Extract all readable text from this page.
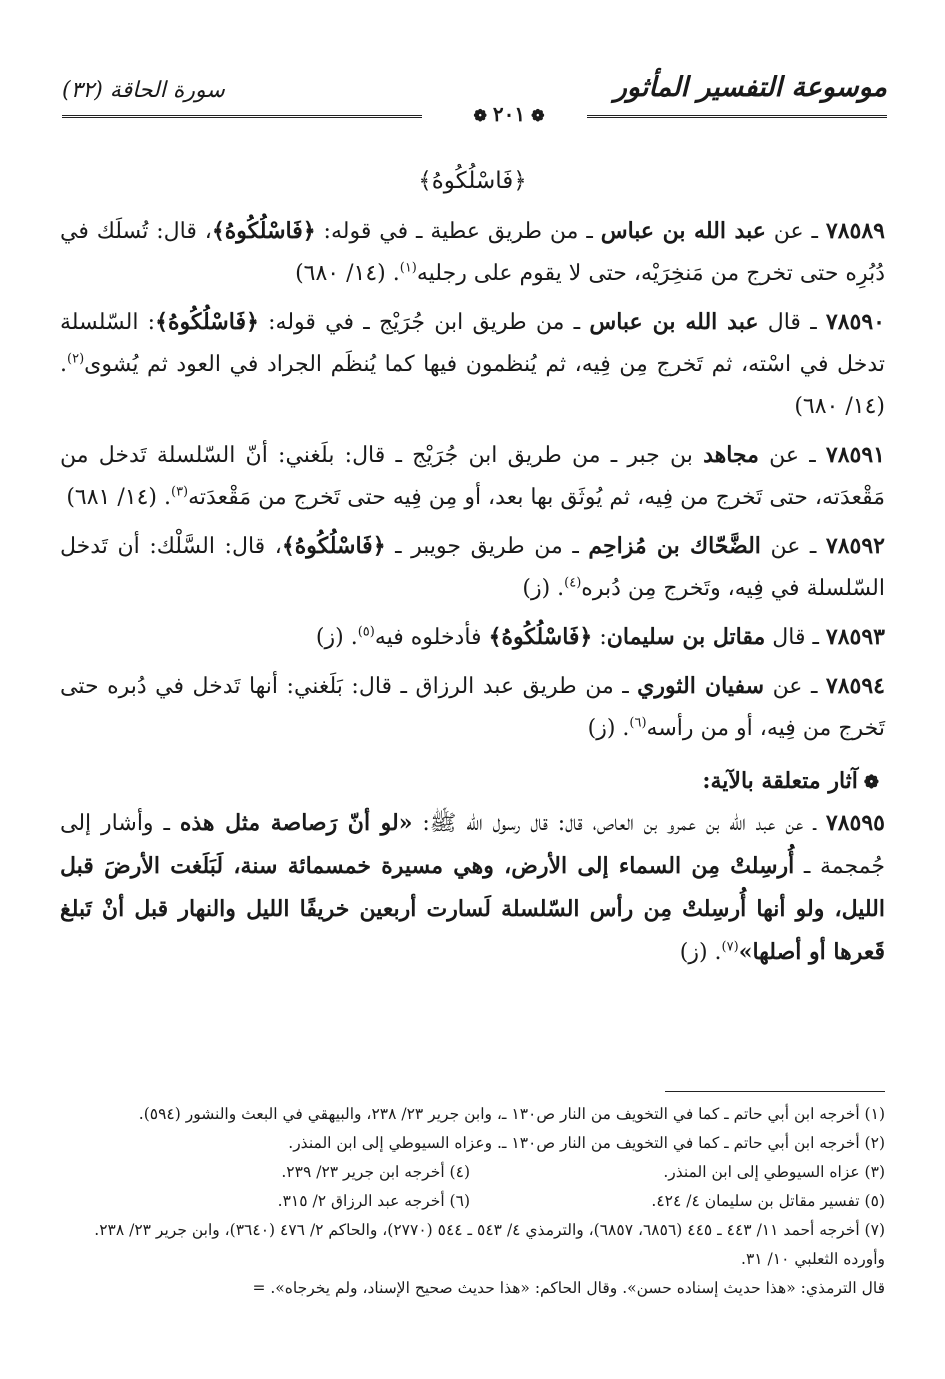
سورة الحاقة (٣٢)	موسوعة التفسير المأثور
❁٢٠١❁
﴿فَاسْلُكُوهُ﴾

٧٨٥٨٩ ـ عن عبد الله بن عباس ـ من طريق عطية ـ في قوله: ﴿فَاسْلُكُوهُ﴾، قال: تُسلَك في دُبُرِه حتى تخرج من مَنخِرَيْه، حتى لا يقوم على رجليه$^{(١)}$. (١٤/ ٦٨٠)

٧٨٥٩٠ ـ قال عبد الله بن عباس ـ من طريق ابن جُرَيْج ـ في قوله: ﴿فَاسْلُكُوهُ﴾: السّلسلة تدخل في اسْته، ثم تَخرج مِن فِيه، ثم يُنظمون فيها كما يُنظَم الجراد في العود ثم يُشوى$^{(٢)}$. (١٤/ ٦٨٠)

٧٨٥٩١ ـ عن مجاهد بن جبر ـ من طريق ابن جُرَيْج ـ قال: بلَغني: أنّ السّلسلة تَدخل من مَقْعدَته، حتى تَخرج من فِيه، ثم يُوثَق بها بعد، أو مِن فِيه حتى تَخرج من مَقْعدَته$^{(٣)}$. (١٤/ ٦٨١)

٧٨٥٩٢ ـ عن الضَّحّاك بن مُزاحِم ـ من طريق جويبر ـ ﴿فَاسْلُكُوهُ﴾، قال: السَّلْك: أن تَدخل السّلسلة في فِيه، وتَخرج مِن دُبره$^{(٤)}$. (ز)

٧٨٥٩٣ ـ قال مقاتل بن سليمان: ﴿فَاسْلُكُوهُ﴾ فأدخلوه فيه$^{(٥)}$. (ز)

٧٨٥٩٤ ـ عن سفيان الثوري ـ من طريق عبد الرزاق ـ قال: بَلَغني: أنها تَدخل في دُبره حتى تَخرج من فِيه، أو من رأسه$^{(٦)}$. (ز)

❁آثار متعلقة بالآية:

٧٨٥٩٥ ـ عن عبد الله بن عمرو بن العاص، قال: قال رسول الله ﷺ: «لو أنّ رَصاصة مثل هذه ـ وأشار إلى جُمجمة ـ أُرسِلتْ مِن السماء إلى الأرض، وهي مسيرة خمسمائة سنة، لَبَلَغت الأرضَ قبل الليل، ولو أنها أُرسِلتْ مِن رأس السّلسلة لَسارت أربعين خريفًا الليل والنهار قبل أنْ تَبلغ قَعرها أو أصلها»$^{(٧)}$. (ز)

(١) أخرجه ابن أبي حاتم ـ كما في التخويف من النار ص١٣٠ ـ، وابن جرير ٢٣/ ٢٣٨، والبيهقي في البعث والنشور (٥٩٤).

(٢) أخرجه ابن أبي حاتم ـ كما في التخويف من النار ص١٣٠ ـ. وعزاه السيوطي إلى ابن المنذر.

(٣) عزاه السيوطي إلى ابن المنذر.

(٤) أخرجه ابن جرير ٢٣/ ٢٣٩.

(٥) تفسير مقاتل بن سليمان ٤/ ٤٢٤.

(٦) أخرجه عبد الرزاق ٢/ ٣١٥.

(٧) أخرجه أحمد ١١/ ٤٤٣ ـ ٤٤٥ (٦٨٥٦، ٦٨٥٧)، والترمذي ٤/ ٥٤٣ ـ ٥٤٤ (٢٧٧٠)، والحاكم ٢/ ٤٧٦ (٣٦٤٠)، وابن جرير ٢٣/ ٢٣٨. وأورده الثعلبي ١٠/ ٣١.

قال الترمذي: «هذا حديث إسناده حسن». وقال الحاكم: «هذا حديث صحيح الإسناد، ولم يخرجاه». =
